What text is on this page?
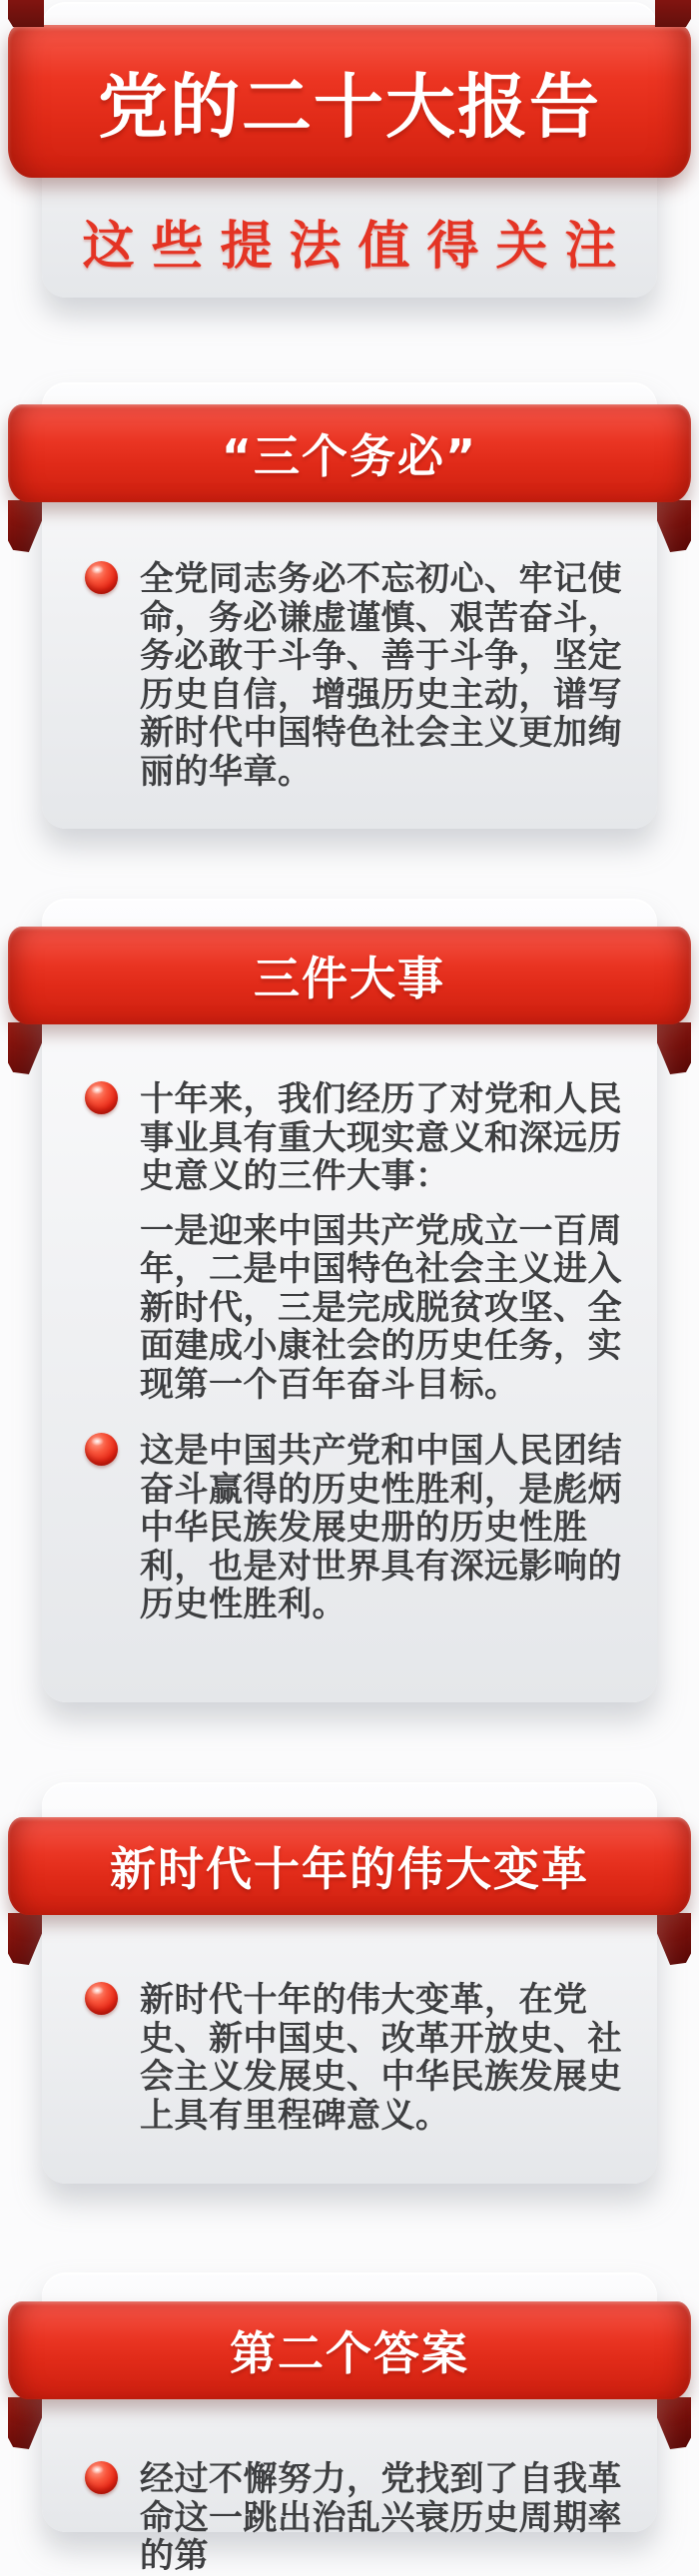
党的二十大报告
这些提法值得关注
“三个务必”
全党同志务必不忘初心、牢记使命，务必谦虚谨慎、艰苦奋斗，务必敢于斗争、善于斗争，坚定历史自信，增强历史主动，谱写新时代中国特色社会主义更加绚丽的华章。
三件大事
十年来，我们经历了对党和人民事业具有重大现实意义和深远历史意义的三件大事：
一是迎来中国共产党成立一百周年，二是中国特色社会主义进入新时代，三是完成脱贫攻坚、全面建成小康社会的历史任务，实现第一个百年奋斗目标。
这是中国共产党和中国人民团结奋斗赢得的历史性胜利，是彪炳中华民族发展史册的历史性胜利，也是对世界具有深远影响的历史性胜利。
新时代十年的伟大变革
新时代十年的伟大变革，在党史、新中国史、改革开放史、社会主义发展史、中华民族发展史上具有里程碑意义。
第二个答案
经过不懈努力，党找到了自我革命这一跳出治乱兴衰历史周期率的第
